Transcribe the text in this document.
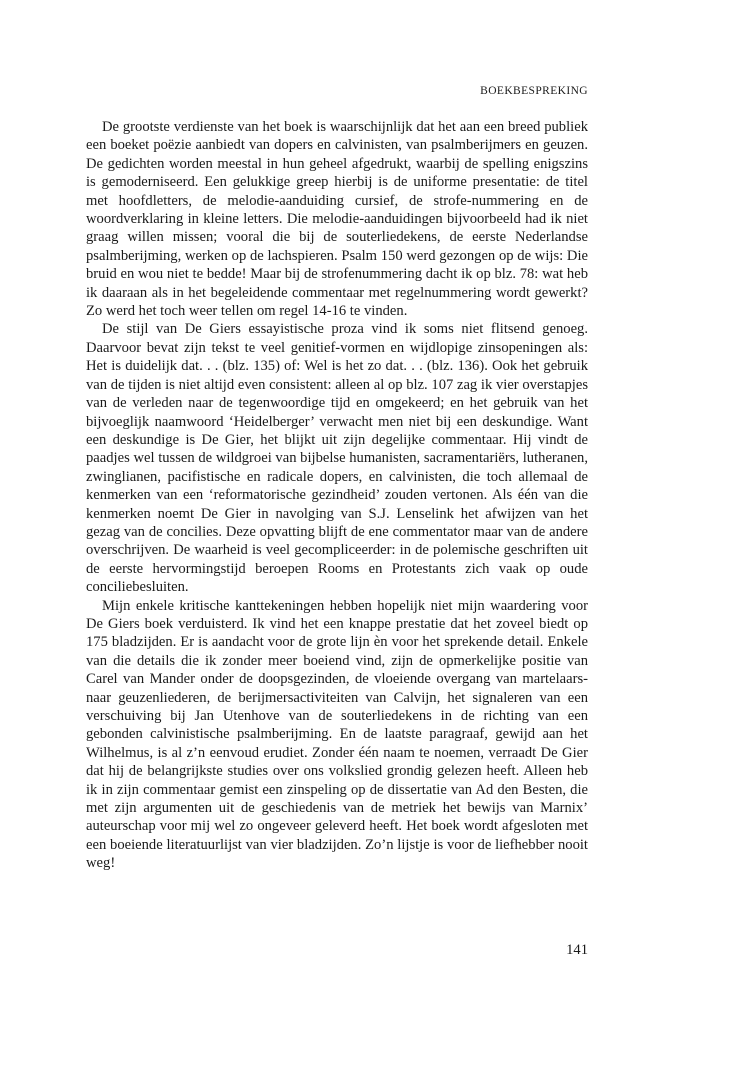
BOEKBESPREKING

De grootste verdienste van het boek is waarschijnlijk dat het aan een breed publiek een boeket poëzie aanbiedt van dopers en calvinisten, van psalmberijmers en geuzen. De gedichten worden meestal in hun geheel afgedrukt, waarbij de spelling enigszins is gemoderniseerd. Een gelukkige greep hierbij is de uniforme presentatie: de titel met hoofdletters, de melodie-aanduiding cursief, de strofe-nummering en de woordverklaring in kleine letters. Die melodie-aanduidingen bijvoorbeeld had ik niet graag willen missen; vooral die bij de souterliedekens, de eerste Nederlandse psalmberijming, werken op de lachspieren. Psalm 150 werd gezongen op de wijs: Die bruid en wou niet te bedde! Maar bij de strofenummering dacht ik op blz. 78: wat heb ik daaraan als in het begeleidende commentaar met regelnummering wordt gewerkt? Zo werd het toch weer tellen om regel 14-16 te vinden.

De stijl van De Giers essayistische proza vind ik soms niet flitsend genoeg. Daarvoor bevat zijn tekst te veel genitief-vormen en wijdlopige zinsopeningen als: Het is duidelijk dat. . . (blz. 135) of: Wel is het zo dat. . . (blz. 136). Ook het gebruik van de tijden is niet altijd even consistent: alleen al op blz. 107 zag ik vier overstapjes van de verleden naar de tegenwoordige tijd en omgekeerd; en het gebruik van het bijvoeglijk naamwoord ‘Heidelberger’ verwacht men niet bij een deskundige. Want een deskundige is De Gier, het blijkt uit zijn degelijke commentaar. Hij vindt de paadjes wel tussen de wildgroei van bijbelse humanisten, sacramentariërs, lutheranen, zwinglianen, pacifistische en radicale dopers, en calvinisten, die toch allemaal de kenmerken van een ‘reformatorische gezindheid’ zouden vertonen. Als één van die kenmerken noemt De Gier in navolging van S.J. Lenselink het afwijzen van het gezag van de concilies. Deze opvatting blijft de ene commentator maar van de andere overschrijven. De waarheid is veel gecompliceerder: in de polemische geschriften uit de eerste hervormingstijd beroepen Rooms en Protestants zich vaak op oude conciliebesluiten.

Mijn enkele kritische kanttekeningen hebben hopelijk niet mijn waardering voor De Giers boek verduisterd. Ik vind het een knappe prestatie dat het zoveel biedt op 175 bladzijden. Er is aandacht voor de grote lijn èn voor het sprekende detail. Enkele van die details die ik zonder meer boeiend vind, zijn de opmerkelijke positie van Carel van Mander onder de doopsgezinden, de vloeiende overgang van martelaars- naar geuzenliederen, de berijmersactiviteiten van Calvijn, het signaleren van een verschuiving bij Jan Utenhove van de souterliedekens in de richting van een gebonden calvinistische psalmberijming. En de laatste paragraaf, gewijd aan het Wilhelmus, is al z’n eenvoud erudiet. Zonder één naam te noemen, verraadt De Gier dat hij de belangrijkste studies over ons volkslied grondig gelezen heeft. Alleen heb ik in zijn commentaar gemist een zinspeling op de dissertatie van Ad den Besten, die met zijn argumenten uit de geschiedenis van de metriek het bewijs van Marnix’ auteurschap voor mij wel zo ongeveer geleverd heeft. Het boek wordt afgesloten met een boeiende literatuurlijst van vier bladzijden. Zo’n lijstje is voor de liefhebber nooit weg!

141
